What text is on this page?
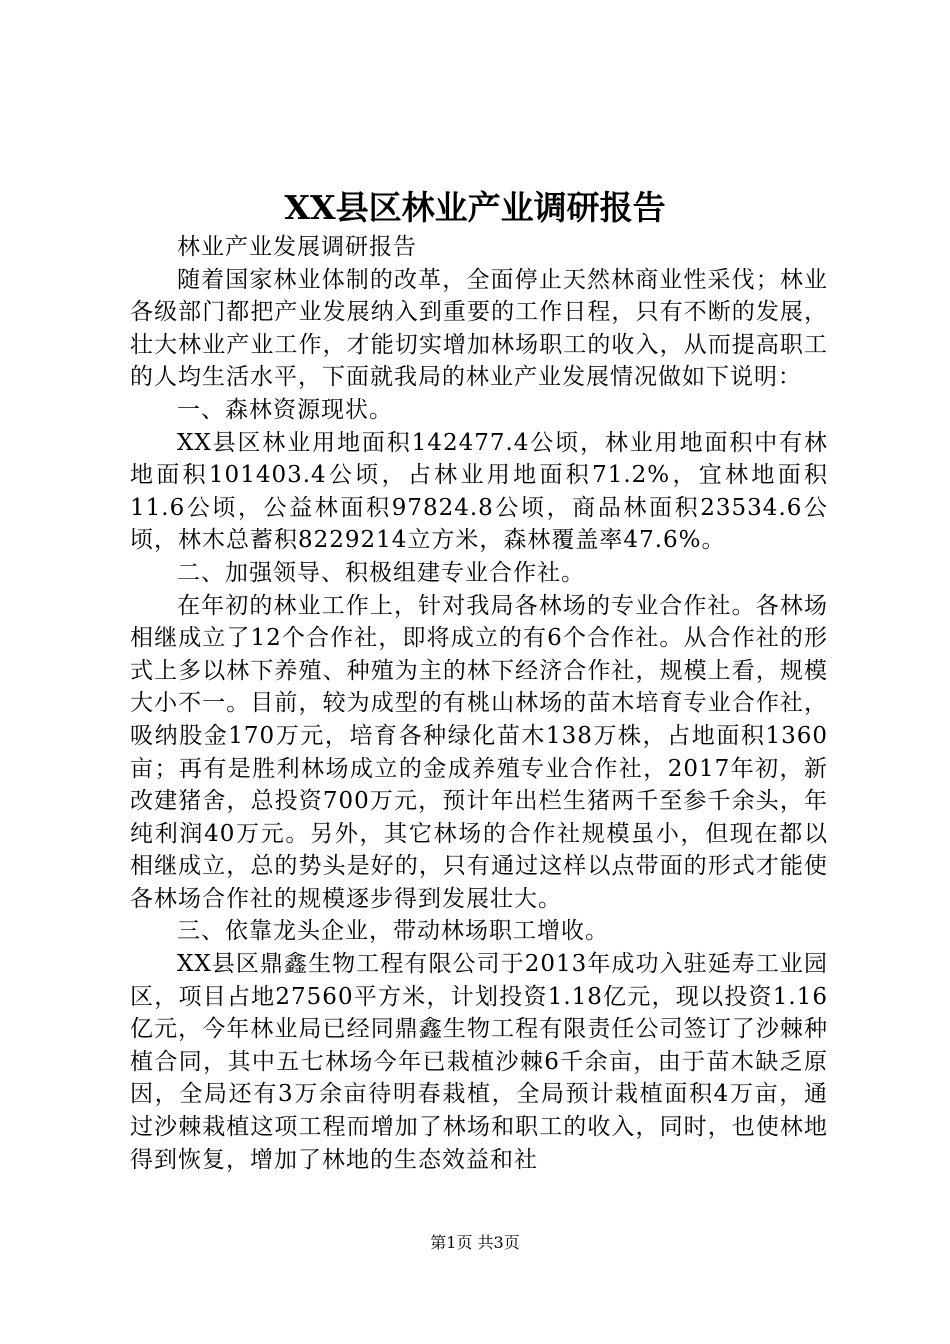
XX县区林业产业调研报告

林业产业发展调研报告

随着国家林业体制的改革，全面停止天然林商业性采伐；林业各级部门都把产业发展纳入到重要的工作日程，只有不断的发展，壮大林业产业工作，才能切实增加林场职工的收入，从而提高职工的人均生活水平，下面就我局的林业产业发展情况做如下说明：

一、森林资源现状。

XX县区林业用地面积142477.4公顷，林业用地面积中有林地面积101403.4公顷，占林业用地面积71.2%，宜林地面积11.6公顷，公益林面积97824.8公顷，商品林面积23534.6公顷，林木总蓄积8229214立方米，森林覆盖率47.6%。

二、加强领导、积极组建专业合作社。

在年初的林业工作上，针对我局各林场的专业合作社。各林场相继成立了12个合作社，即将成立的有6个合作社。从合作社的形式上多以林下养殖、种殖为主的林下经济合作社，规模上看，规模大小不一。目前，较为成型的有桃山林场的苗木培育专业合作社，吸纳股金170万元，培育各种绿化苗木138万株，占地面积1360亩；再有是胜利林场成立的金成养殖专业合作社，2017年初，新改建猪舍，总投资700万元，预计年出栏生猪两千至参千余头，年纯利润40万元。另外，其它林场的合作社规模虽小，但现在都以相继成立，总的势头是好的，只有通过这样以点带面的形式才能使各林场合作社的规模逐步得到发展壮大。

三、依靠龙头企业，带动林场职工增收。

XX县区鼎鑫生物工程有限公司于2013年成功入驻延寿工业园区，项目占地27560平方米，计划投资1.18亿元，现以投资1.16亿元，今年林业局已经同鼎鑫生物工程有限责任公司签订了沙棘种植合同，其中五七林场今年已栽植沙棘6千余亩，由于苗木缺乏原因，全局还有3万余亩待明春栽植，全局预计栽植面积4万亩，通过沙棘栽植这项工程而增加了林场和职工的收入，同时，也使林地得到恢复，增加了林地的生态效益和社

第1页 共3页
